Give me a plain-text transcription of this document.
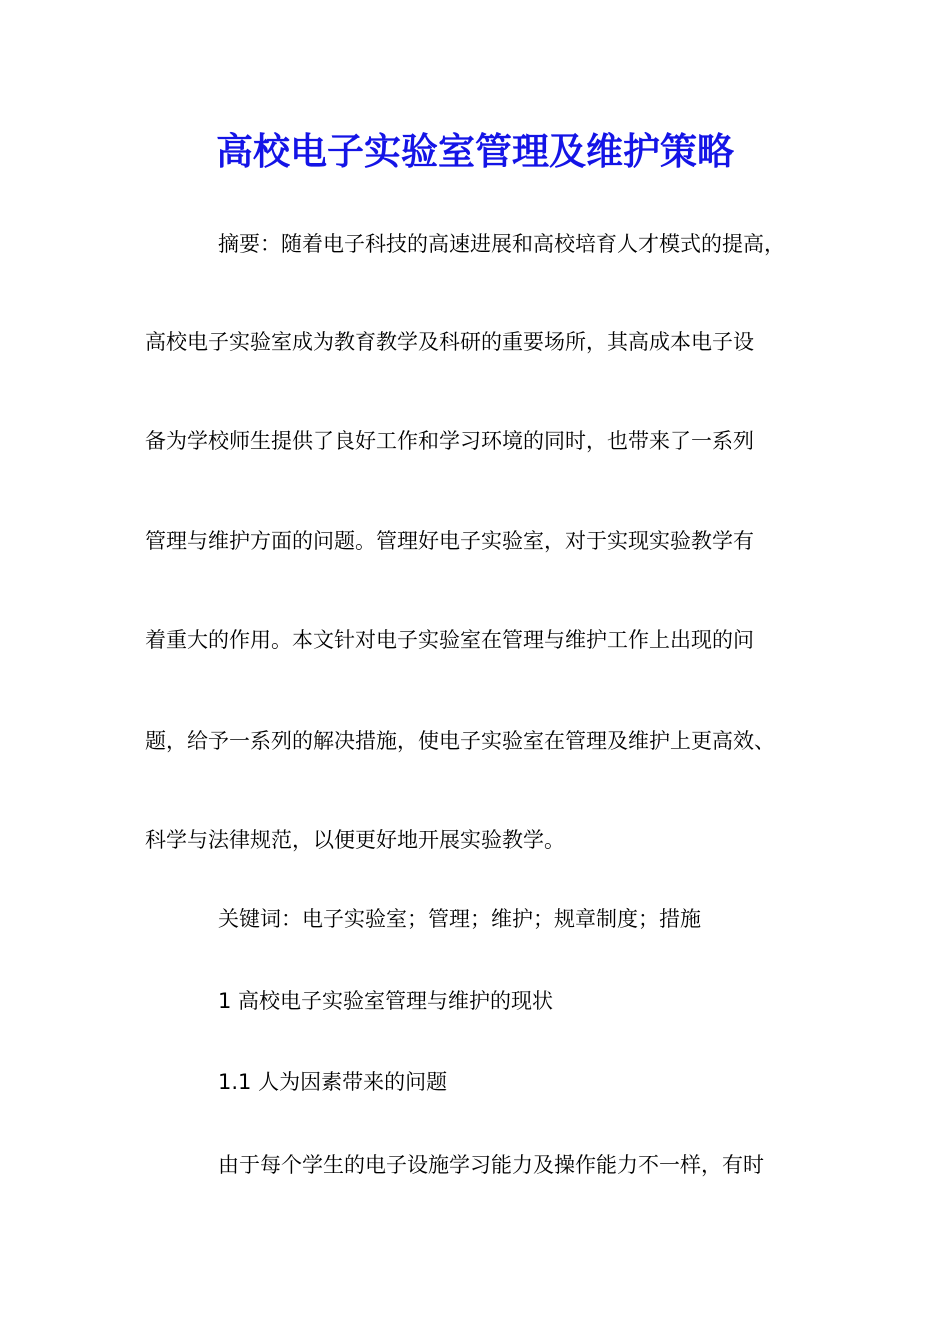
高校电子实验室管理及维护策略
摘要：随着电子科技的高速进展和高校培育人才模式的提高，
高校电子实验室成为教育教学及科研的重要场所，其高成本电子设
备为学校师生提供了良好工作和学习环境的同时，也带来了一系列
管理与维护方面的问题。管理好电子实验室，对于实现实验教学有
着重大的作用。本文针对电子实验室在管理与维护工作上出现的问
题，给予一系列的解决措施，使电子实验室在管理及维护上更高效、
科学与法律规范，以便更好地开展实验教学。
关键词：电子实验室；管理；维护；规章制度；措施
1 高校电子实验室管理与维护的现状
1.1 人为因素带来的问题
由于每个学生的电子设施学习能力及操作能力不一样，有时
